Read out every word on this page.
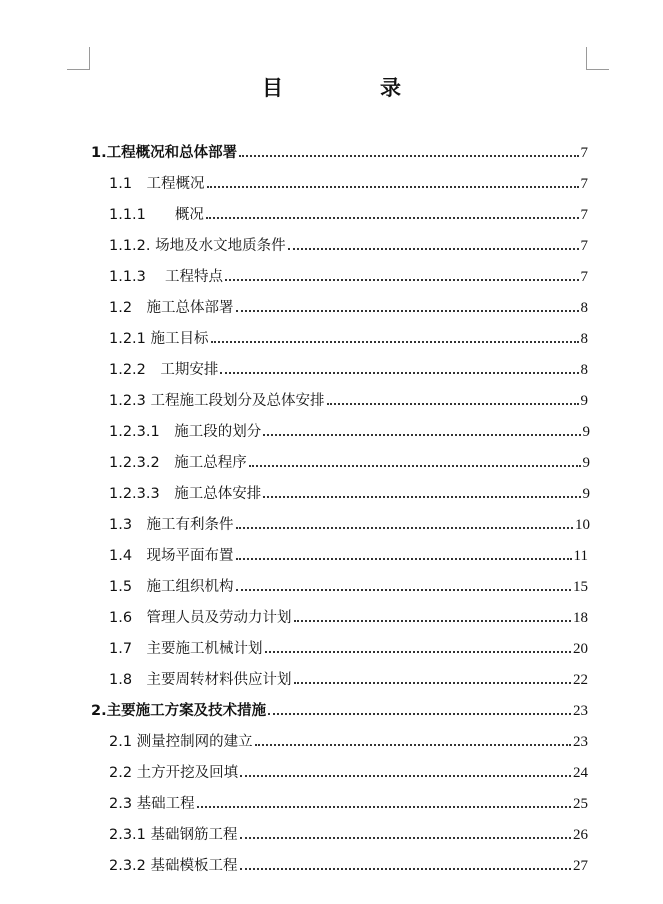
目　录
1.工程概况和总体部署	7
1.1　工程概况	7
1.1.1　　概况	7
1.1.2. 场地及水文地质条件	7
1.1.3　 工程特点	7
1.2　施工总体部署	8
1.2.1 施工目标	8
1.2.2　工期安排	8
1.2.3 工程施工段划分及总体安排	9
1.2.3.1　施工段的划分	9
1.2.3.2　施工总程序	9
1.2.3.3　施工总体安排	9
1.3　施工有利条件	10
1.4　现场平面布置	11
1.5　施工组织机构	15
1.6　管理人员及劳动力计划	18
1.7　主要施工机械计划	20
1.8　主要周转材料供应计划	22
2.主要施工方案及技术措施	23
2.1 测量控制网的建立	23
2.2 土方开挖及回填	24
2.3 基础工程	25
2.3.1 基础钢筋工程	26
2.3.2 基础模板工程	27
